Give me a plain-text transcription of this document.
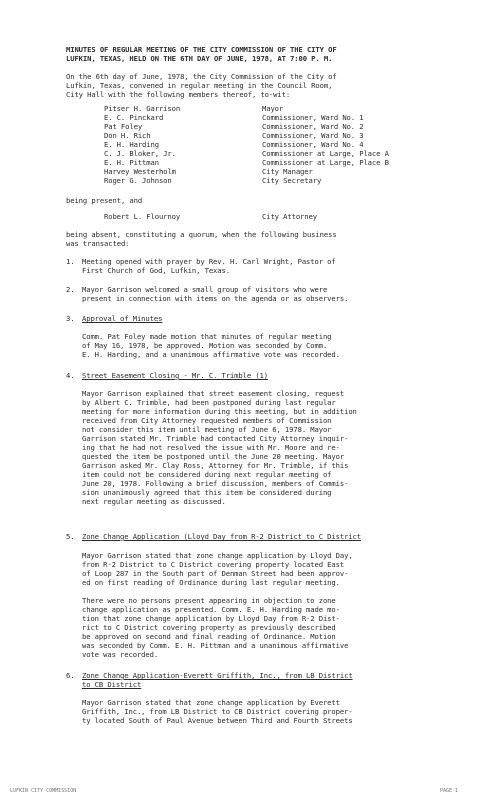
MINUTES OF REGULAR MEETING OF THE CITY COMMISSION OF THE CITY OF
LUFKIN, TEXAS, HELD ON THE 6TH DAY OF JUNE, 1978, AT 7:00 P. M.
On the 6th day of June, 1978, the City Commission of the City of
Lufkin, Texas, convened in regular meeting in the Council Room,
City Hall with the following members thereof, to-wit:
Pitser H. Garrison	Mayor
E. C. Pinckard	Commissioner, Ward No. 1
Pat Foley	Commissioner, Ward No. 2
Don H. Rich	Commissioner, Ward No. 3
E. H. Harding	Commissioner, Ward No. 4
C. J. Bloker, Jr.	Commissioner at Large, Place A
E. H. Pittman	Commissioner at Large, Place B
Harvey Westerholm	City Manager
Roger G. Johnson	City Secretary
being present, and
Robert L. Flournoy	City Attorney
being absent, constituting a quorum, when the following business
was transacted:
1. Meeting opened with prayer by Rev. H. Carl Wright, Pastor of
First Church of God, Lufkin, Texas.
2. Mayor Garrison welcomed a small group of visitors who were
present in connection with items on the agenda or as observers.
3. Approval of Minutes
Comm. Pat Foley made motion that minutes of regular meeting
of May 16, 1978, be approved. Motion was seconded by Comm.
E. H. Harding, and a unanimous affirmative vote was recorded.
4. Street Easement Closing - Mr. C. Trimble (1)
Mayor Garrison explained that street easement closing, request
by Albert C. Trimble, had been postponed during last regular
meeting for more information during this meeting, but in addition
received from City Attorney requested members of Commission
not consider this item until meeting of June 6, 1978. Mayor
Garrison stated Mr. Trimble had contacted City Attorney inquir-
ing that he had not resolved the issue with Mr. Moore and re-
quested the item be postponed until the June 20 meeting. Mayor
Garrison asked Mr. Clay Ross, Attorney for Mr. Trimble, if this
item could not be considered during next regular meeting of
June 20, 1978. Following a brief discussion, members of Commis-
sion unanimously agreed that this item be considered during
next regular meeting as discussed.
5. Zone Change Application (Lloyd Day from R-2 District to C District
Mayor Garrison stated that zone change application by Lloyd Day,
from R-2 District to C District covering property located East
of Loop 287 in the South part of Denman Street had been approv-
ed on first reading of Ordinance during last regular meeting.
There were no persons present appearing in objection to zone
change application as presented. Comm. E. H. Harding made mo-
tion that zone change application by Lloyd Day from R-2 Dist-
rict to C District covering property as previously described
be approved on second and final reading of Ordinance. Motion
was seconded by Comm. E. H. Pittman and a unanimous affirmative
vote was recorded.
6. Zone Change Application-Everett Griffith, Inc., from LB District
to CB District
Mayor Garrison stated that zone change application by Everett
Griffith, Inc., from LB District to CB District covering proper-
ty located South of Paul Avenue between Third and Fourth Streets
LUFKIN CITY COMMISSION	PAGE 1
